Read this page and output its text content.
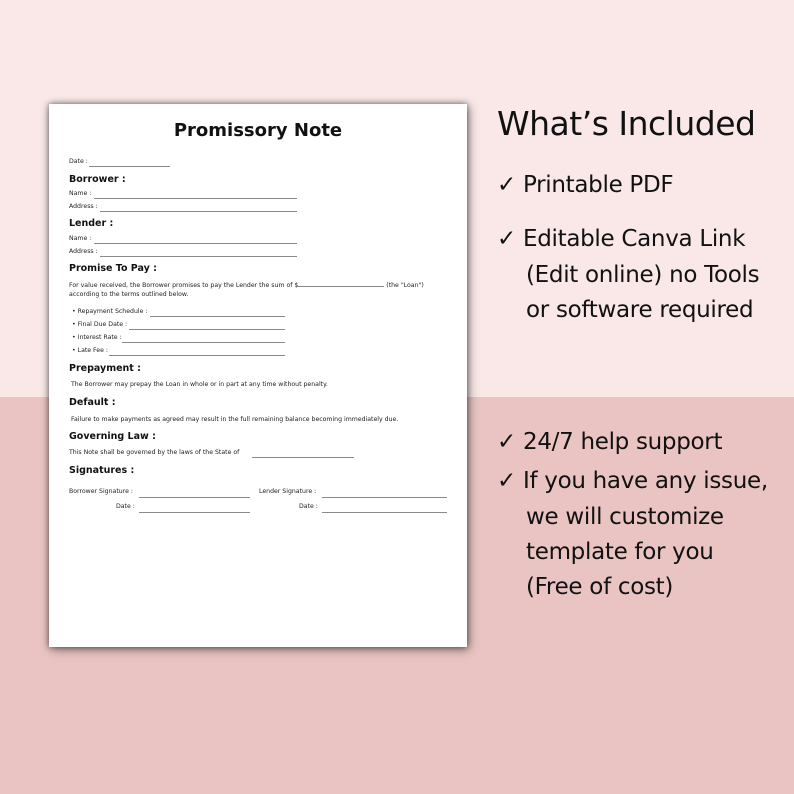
Promissory Note
Date :
Borrower :
Name :
Address :
Lender :
Name :
Address :
Promise To Pay :
For value received, the Borrower promises to pay the Lender the sum of $	(the "Loan")
according to the terms outlined below.
• Repayment Schedule :
• Final Due Date :
• Interest Rate :
• Late Fee :
Prepayment :
The Borrower may prepay the Loan in whole or in part at any time without penalty.
Default :
Failure to make payments as agreed may result in the full remaining balance becoming immediately due.
Governing Law :
This Note shall be governed by the laws of the State of
Signatures :
Borrower Signature :	Lender Signature :
Date :	Date :
What’s Included
✓ Printable PDF
✓ Editable Canva Link
(Edit online) no Tools
or software required
✓ 24/7 help support
✓ If you have any issue,
we will customize
template for you
(Free of cost)
